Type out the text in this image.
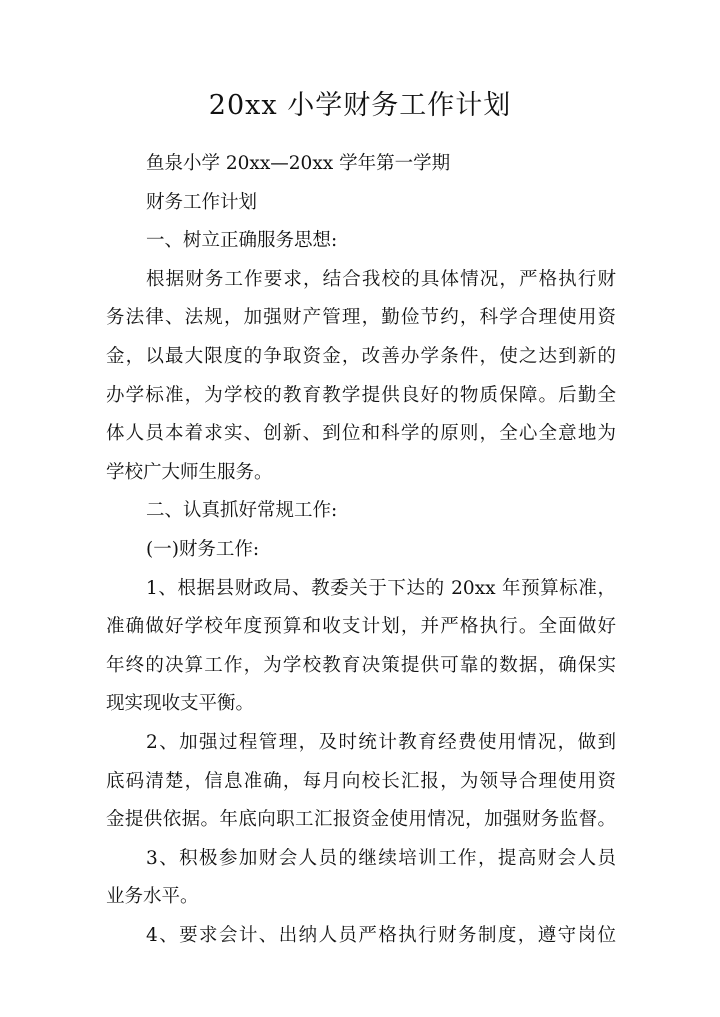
20xx 小学财务工作计划
鱼泉小学 20xx—20xx 学年第一学期
财务工作计划
一、树立正确服务思想:
根据财务工作要求，结合我校的具体情况，严格执行财
务法律、法规，加强财产管理，勤俭节约，科学合理使用资
金，以最大限度的争取资金，改善办学条件，使之达到新的
办学标准，为学校的教育教学提供良好的物质保障。后勤全
体人员本着求实、创新、到位和科学的原则，全心全意地为
学校广大师生服务。
二、认真抓好常规工作:
(一)财务工作:
1、根据县财政局、教委关于下达的 20xx 年预算标准，
准确做好学校年度预算和收支计划，并严格执行。全面做好
年终的决算工作，为学校教育决策提供可靠的数据，确保实
现实现收支平衡。
2、加强过程管理，及时统计教育经费使用情况，做到
底码清楚，信息准确，每月向校长汇报，为领导合理使用资
金提供依据。年底向职工汇报资金使用情况，加强财务监督。
3、积极参加财会人员的继续培训工作，提高财会人员
业务水平。
4、要求会计、出纳人员严格执行财务制度，遵守岗位
